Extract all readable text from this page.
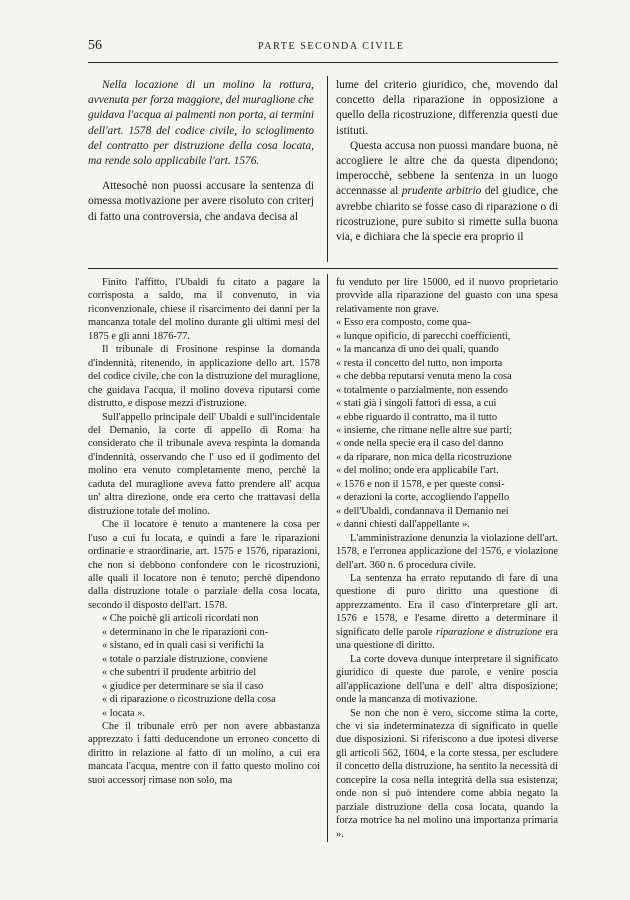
56	PARTE SECONDA CIVILE

Nella locazione di un molino la rottura, avvenuta per forza maggiore, del muraglione che guidava l'acqua ai palmenti non porta, ai termini dell'art. 1578 del codice civile, lo scioglimento del contratto per distruzione della cosa locata, ma rende solo applicabile l'art. 1576.

Attesochè non puossi accusare la sentenza di omessa motivazione per avere risoluto con criterj di fatto una controversia, che andava decisa al

lume del criterio giuridico, che, movendo dal concetto della riparazione in opposizione a quello della ricostruzione, differenzia questi due istituti.

Questa accusa non puossi mandare buona, nè accogliere le altre che da questa dipendono; imperocchè, sebbene la sentenza in un luogo accennasse al prudente arbitrio del giudice, che avrebbe chiarito se fosse caso di riparazione o di ricostruzione, pure subito si rimette sulla buona via, e dichiara che la specie era proprio il

Finito l'affitto, l'Ubaldi fu citato a pagare la corrisposta a saldo, ma il convenuto, in via riconvenzionale, chiese il risarcimento dei danni per la mancanza totale del molino durante gli ultimi mesi del 1875 e gli anni 1876-77.

Il tribunale di Frosinone respinse la domanda d'indennità, ritenendo, in applicazione dello art. 1578 del codice civile, che con la distruzione del muraglione, che guidava l'acqua, il molino doveva riputarsi come distrutto, e dispose mezzi d'istruzione.

Sull'appello principale dell' Ubaldi e sull'incidentale del Demanio, la corte di appello di Roma ha considerato che il tribunale aveva respinta la domanda d'indennità, osservando che l' uso ed il godimento del molino era venuto completamente meno, perchè la caduta del muraglione aveva fatto prendere all' acqua un' altra direzione, onde era certo che trattavasi della distruzione totale del molino.

Che il locatore è tenuto a mantenere la cosa per l'uso a cui fu locata, e quindi a fare le riparazioni ordinarie e straordinarie, art. 1575 e 1576, riparazioni, che non si debbono confondere con le ricostruzioni, alle quali il locatore non è tenuto; perchè dipendono dalla distruzione totale o parziale della cosa locata, secondo il disposto dell'art. 1578.

« Che poichè gli articoli ricordati non
« determinano in che le riparazioni con-
« sistano, ed in quali casi si verifichi la
« totale o parziale distruzione, conviene
« che subentri il prudente arbitrio del
« giudice per determinare se sia il caso
« di riparazione o ricostruzione della cosa
« locata ».

Che il tribunale errò per non avere abbastanza apprezzato i fatti deducendone un erroneo concetto di diritto in relazione al fatto di un molino, a cui era mancata l'acqua, mentre con il fatto questo molino coi suoi accessorj rimase non solo, ma

fu venduto per lire 15000, ed il nuovo proprietario provvide alla riparazione del guasto con una spesa relativamente non grave.

« Esso era composto, come qua-
« lunque opificio, di parecchi coefficienti,
« la mancanza di uno dei quali, quando
« resta il concetto del tutto, non importa
« che debba reputarsi venuta meno la cosa
« totalmente o parzialmente, non essendo
« stati già i singoli fattori di essa, a cui
« ebbe riguardo il contratto, ma il tutto
« insieme, che rimane nelle altre sue parti;
« onde nella specie era il caso del danno
« da riparare, non mica della ricostruzione
« del molino; onde era applicabile l'art.
« 1576 e non il 1578, e per queste consi-
« derazioni la corte, accogliendo l'appello
« dell'Ubaldi, condannava il Demanio nei
« danni chiesti dall'appellante ».

L'amministrazione denunzia la violazione dell'art. 1578, e l'erronea applicazione del 1576, e violazione dell'art. 360 n. 6 procedura civile.

La sentenza ha errato reputando di fare di una questione di puro diritto una questione di apprezzamento. Era il caso d'interpretare gli art. 1576 e 1578, e l'esame diretto a determinare il significato delle parole riparazione e distruzione era una questione di diritto.

La corte doveva dunque interpretare il significato giuridico di queste due parole, e venire poscia all'applicazione dell'una e dell' altra disposizione; onde la mancanza di motivazione.

Se non che non è vero, siccome stima la corte, che vi sia indeterminatezza di significato in quelle due disposizioni. Si riferiscono a due ipotesi diverse gli articoli 562, 1604, e la corte stessa, per escludere il concetto della distruzione, ha sentito la necessità di concepire la cosa nella integrità della sua esistenza; onde non si può intendere come abbia negato la parziale distruzione della cosa locata, quando la forza motrice ha nel molino una importanza primaria ».
